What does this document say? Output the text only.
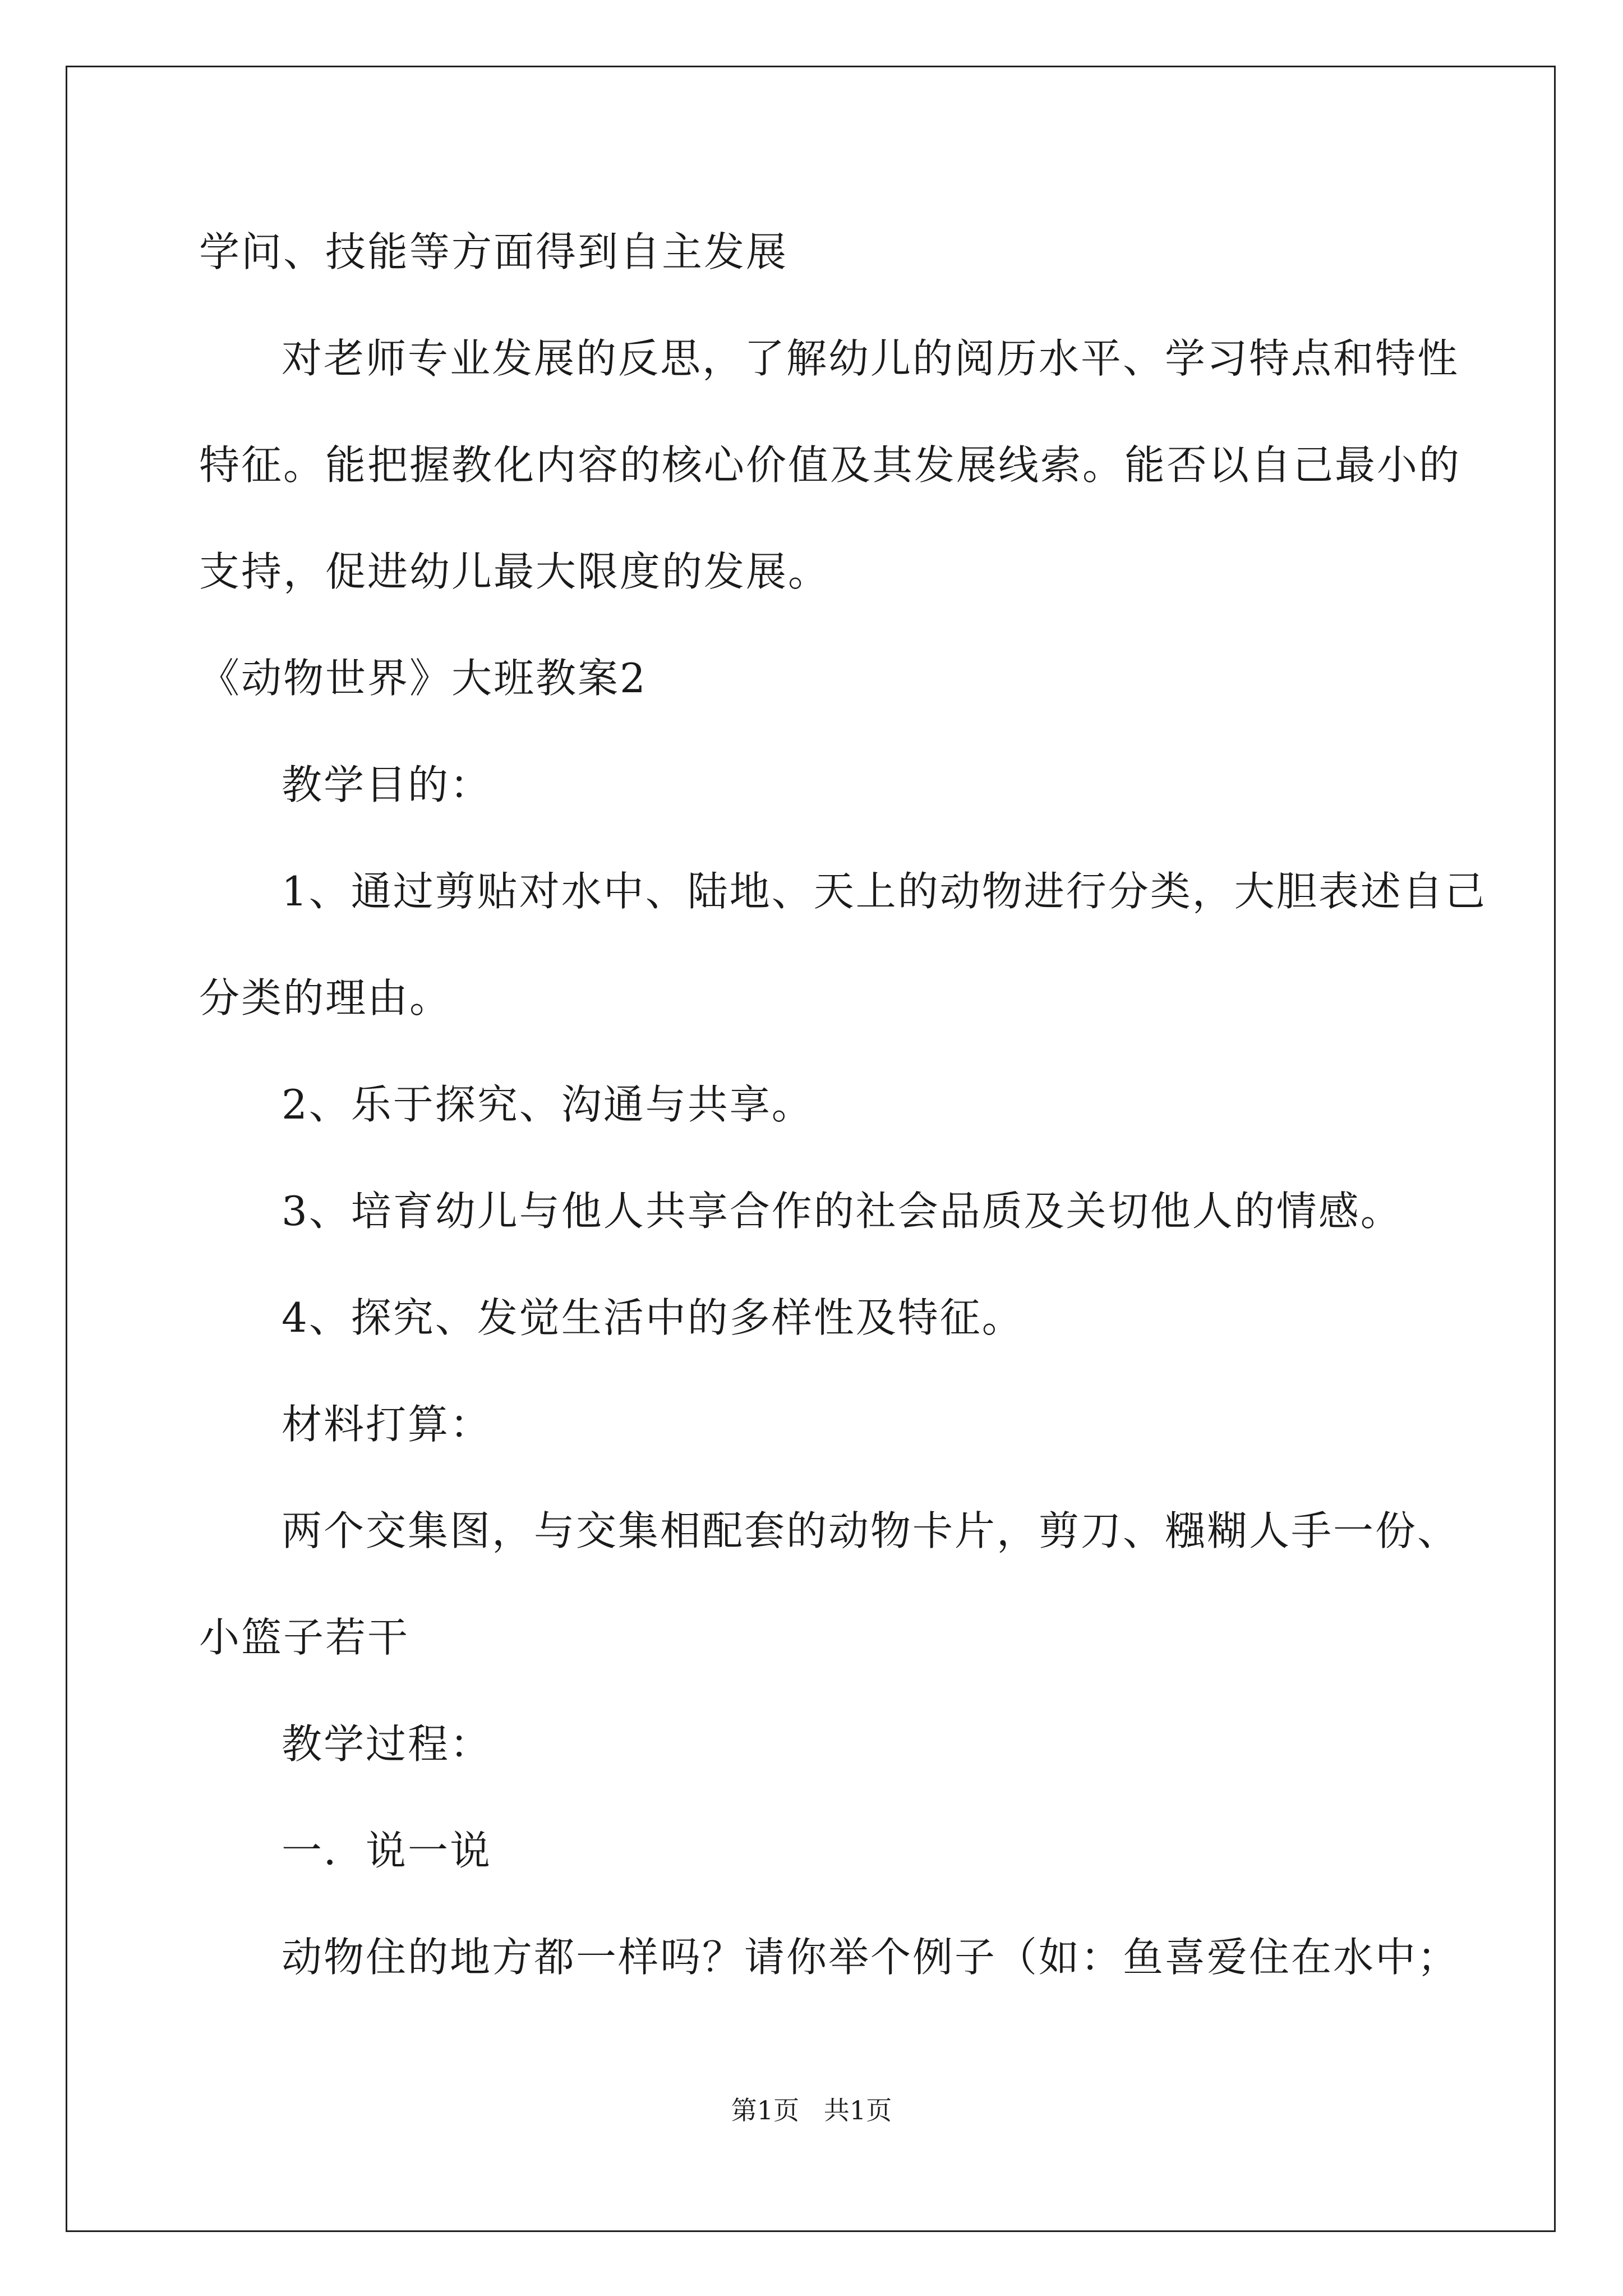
学问、技能等方面得到自主发展
对老师专业发展的反思，了解幼儿的阅历水平、学习特点和特性
特征。能把握教化内容的核心价值及其发展线索。能否以自己最小的
支持，促进幼儿最大限度的发展。
《动物世界》大班教案2
教学目的：
1、通过剪贴对水中、陆地、天上的动物进行分类，大胆表述自己
分类的理由。
2、乐于探究、沟通与共享。
3、培育幼儿与他人共享合作的社会品质及关切他人的情感。
4、探究、发觉生活中的多样性及特征。
材料打算：
两个交集图，与交集相配套的动物卡片，剪刀、糨糊人手一份、
小篮子若干
教学过程：
一．说一说
动物住的地方都一样吗？请你举个例子（如：鱼喜爱住在水中；
第1页   共1页
